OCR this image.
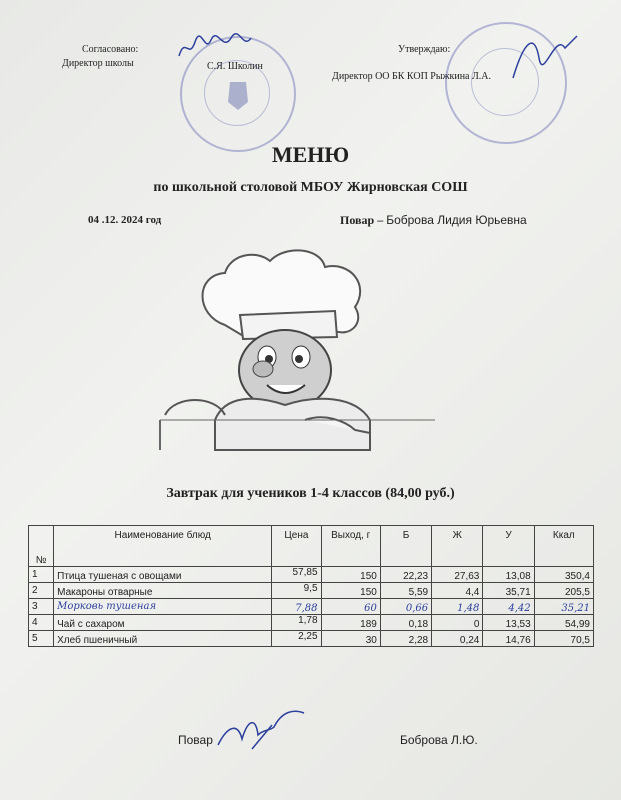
Согласовано:
Директор школы	С.Я. Школин
Утверждаю:
Директор ОО БК КОП Рыжкина Л.А.
МЕНЮ
по школьной столовой МБОУ Жирновская СОШ
04 .12. 2024 год	Повар – Боброва Лидия Юрьевна
Завтрак для учеников 1-4 классов (84,00 руб.)
№	Наименование блюд	Цена	Выход, г	Б	Ж	У	Ккал
1	Птица тушеная с овощами	57,85	150	22,23	27,63	13,08	350,4
2	Макароны отварные	9,5	150	5,59	4,4	35,71	205,5
3	Морковь тушеная	7,88	60	0,66	1,48	4,42	35,21
4	Чай с сахаром	1,78	189	0,18	0	13,53	54,99
5	Хлеб пшеничный	2,25	30	2,28	0,24	14,76	70,5
Повар	Боброва Л.Ю.
